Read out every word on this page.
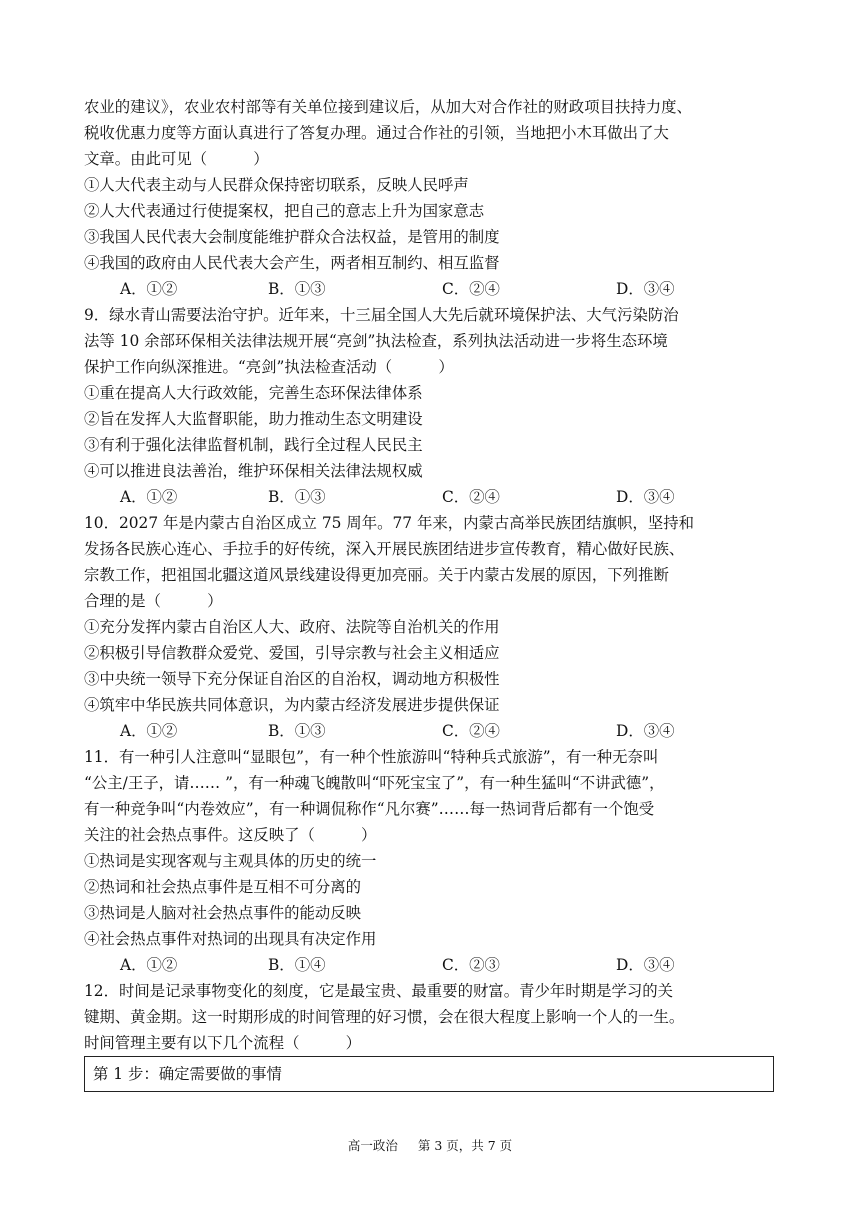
农业的建议》，农业农村部等有关单位接到建议后，从加大对合作社的财政项目扶持力度、
税收优惠力度等方面认真进行了答复办理。通过合作社的引领，当地把小木耳做出了大
文章。由此可见（　　　）
①人大代表主动与人民群众保持密切联系，反映人民呼声
②人大代表通过行使提案权，把自己的意志上升为国家意志
③我国人民代表大会制度能维护群众合法权益，是管用的制度
④我国的政府由人民代表大会产生，两者相互制约、相互监督
A．①②	B．①③	C．②④	D．③④
9．绿水青山需要法治守护。近年来，十三届全国人大先后就环境保护法、大气污染防治
法等 10 余部环保相关法律法规开展“亮剑”执法检查，系列执法活动进一步将生态环境
保护工作向纵深推进。“亮剑”执法检查活动（　　　）
①重在提高人大行政效能，完善生态环保法律体系
②旨在发挥人大监督职能，助力推动生态文明建设
③有利于强化法律监督机制，践行全过程人民民主
④可以推进良法善治，维护环保相关法律法规权威
A．①②	B．①③	C．②④	D．③④
10．2027 年是内蒙古自治区成立 75 周年。77 年来，内蒙古高举民族团结旗帜，坚持和
发扬各民族心连心、手拉手的好传统，深入开展民族团结进步宣传教育，精心做好民族、
宗教工作，把祖国北疆这道风景线建设得更加亮丽。关于内蒙古发展的原因，下列推断
合理的是（　　　）
①充分发挥内蒙古自治区人大、政府、法院等自治机关的作用
②积极引导信教群众爱党、爱国，引导宗教与社会主义相适应
③中央统一领导下充分保证自治区的自治权，调动地方积极性
④筑牢中华民族共同体意识，为内蒙古经济发展进步提供保证
A．①②	B．①③	C．②④	D．③④
11．有一种引人注意叫“显眼包”，有一种个性旅游叫“特种兵式旅游”，有一种无奈叫
“公主/王子，请…… ”，有一种魂飞魄散叫“吓死宝宝了”，有一种生猛叫“不讲武德”，
有一种竞争叫“内卷效应”，有一种调侃称作“凡尔赛”……每一热词背后都有一个饱受
关注的社会热点事件。这反映了（　　　）
①热词是实现客观与主观具体的历史的统一
②热词和社会热点事件是互相不可分离的
③热词是人脑对社会热点事件的能动反映
④社会热点事件对热词的出现具有决定作用
A．①②	B．①④	C．②③	D．③④
12．时间是记录事物变化的刻度，它是最宝贵、最重要的财富。青少年时期是学习的关
键期、黄金期。这一时期形成的时间管理的好习惯，会在很大程度上影响一个人的一生。
时间管理主要有以下几个流程（　　　）
第 1 步：确定需要做的事情
高一政治 第 3 页，共 7 页
